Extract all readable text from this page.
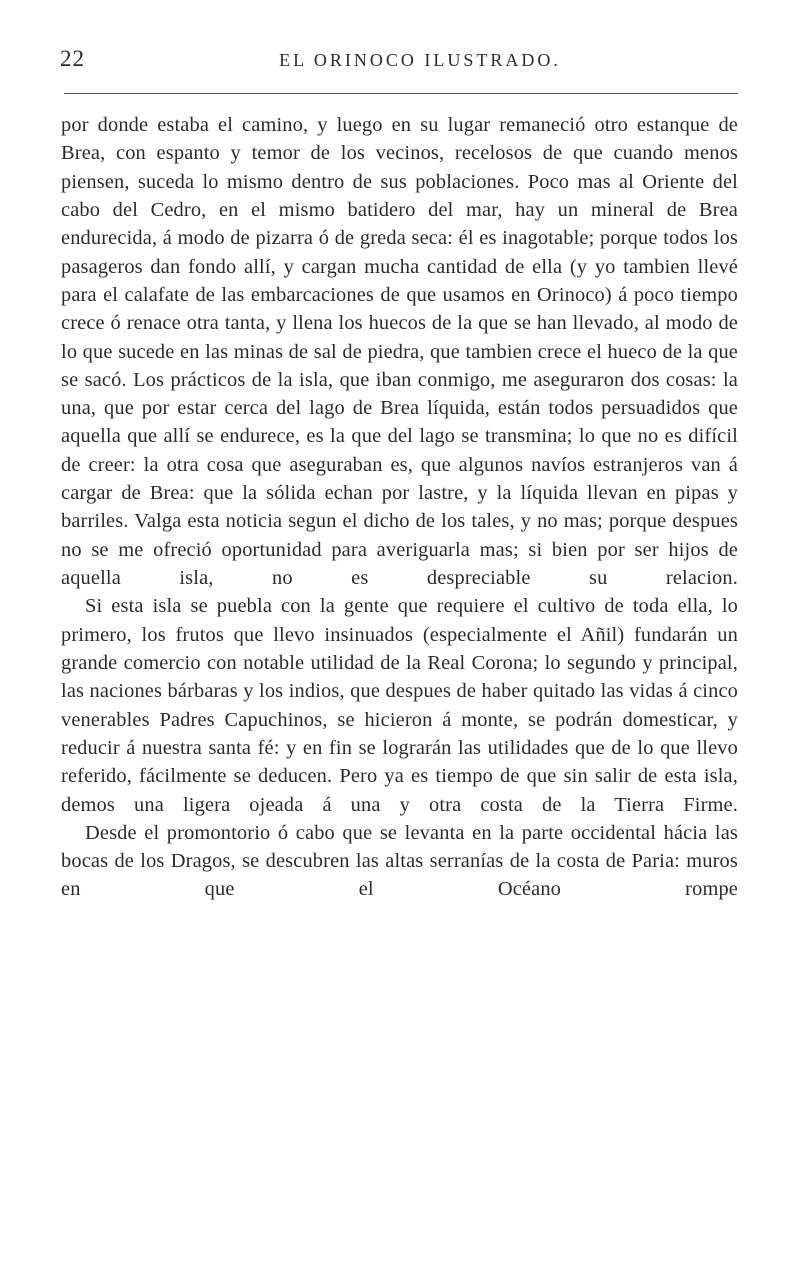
22	EL ORINOCO ILUSTRADO.

por donde estaba el camino, y luego en su lugar remaneció otro estanque de Brea, con espanto y temor de los vecinos, recelosos de que cuando menos piensen, suceda lo mismo dentro de sus poblaciones. Poco mas al Oriente del cabo del Cedro, en el mismo batidero del mar, hay un mineral de Brea endurecida, á modo de pizarra ó de greda seca: él es inagotable; porque todos los pasageros dan fondo allí, y cargan mucha cantidad de ella (y yo tambien llevé para el calafate de las embarcaciones de que usamos en Orinoco) á poco tiempo crece ó renace otra tanta, y llena los huecos de la que se han llevado, al modo de lo que sucede en las minas de sal de piedra, que tambien crece el hueco de la que se sacó. Los prácticos de la isla, que iban conmigo, me aseguraron dos cosas: la una, que por estar cerca del lago de Brea líquida, están todos persuadidos que aquella que allí se endurece, es la que del lago se transmina; lo que no es difícil de creer: la otra cosa que aseguraban es, que algunos navíos estranjeros van á cargar de Brea: que la sólida echan por lastre, y la líquida llevan en pipas y barriles. Valga esta noticia segun el dicho de los tales, y no mas; porque despues no se me ofreció oportunidad para averiguarla mas; si bien por ser hijos de aquella isla, no es despreciable su relacion.

Si esta isla se puebla con la gente que requiere el cultivo de toda ella, lo primero, los frutos que llevo insinuados (especialmente el Añil) fundarán un grande comercio con notable utilidad de la Real Corona; lo segundo y principal, las naciones bárbaras y los indios, que despues de haber quitado las vidas á cinco venerables Padres Capuchinos, se hicieron á monte, se podrán domesticar, y reducir á nuestra santa fé: y en fin se lograrán las utilidades que de lo que llevo referido, fácilmente se deducen. Pero ya es tiempo de que sin salir de esta isla, demos una ligera ojeada á una y otra costa de la Tierra Firme.

Desde el promontorio ó cabo que se levanta en la parte occidental hácia las bocas de los Dragos, se descubren las altas serranías de la costa de Paria: muros en que el Océano rompe
